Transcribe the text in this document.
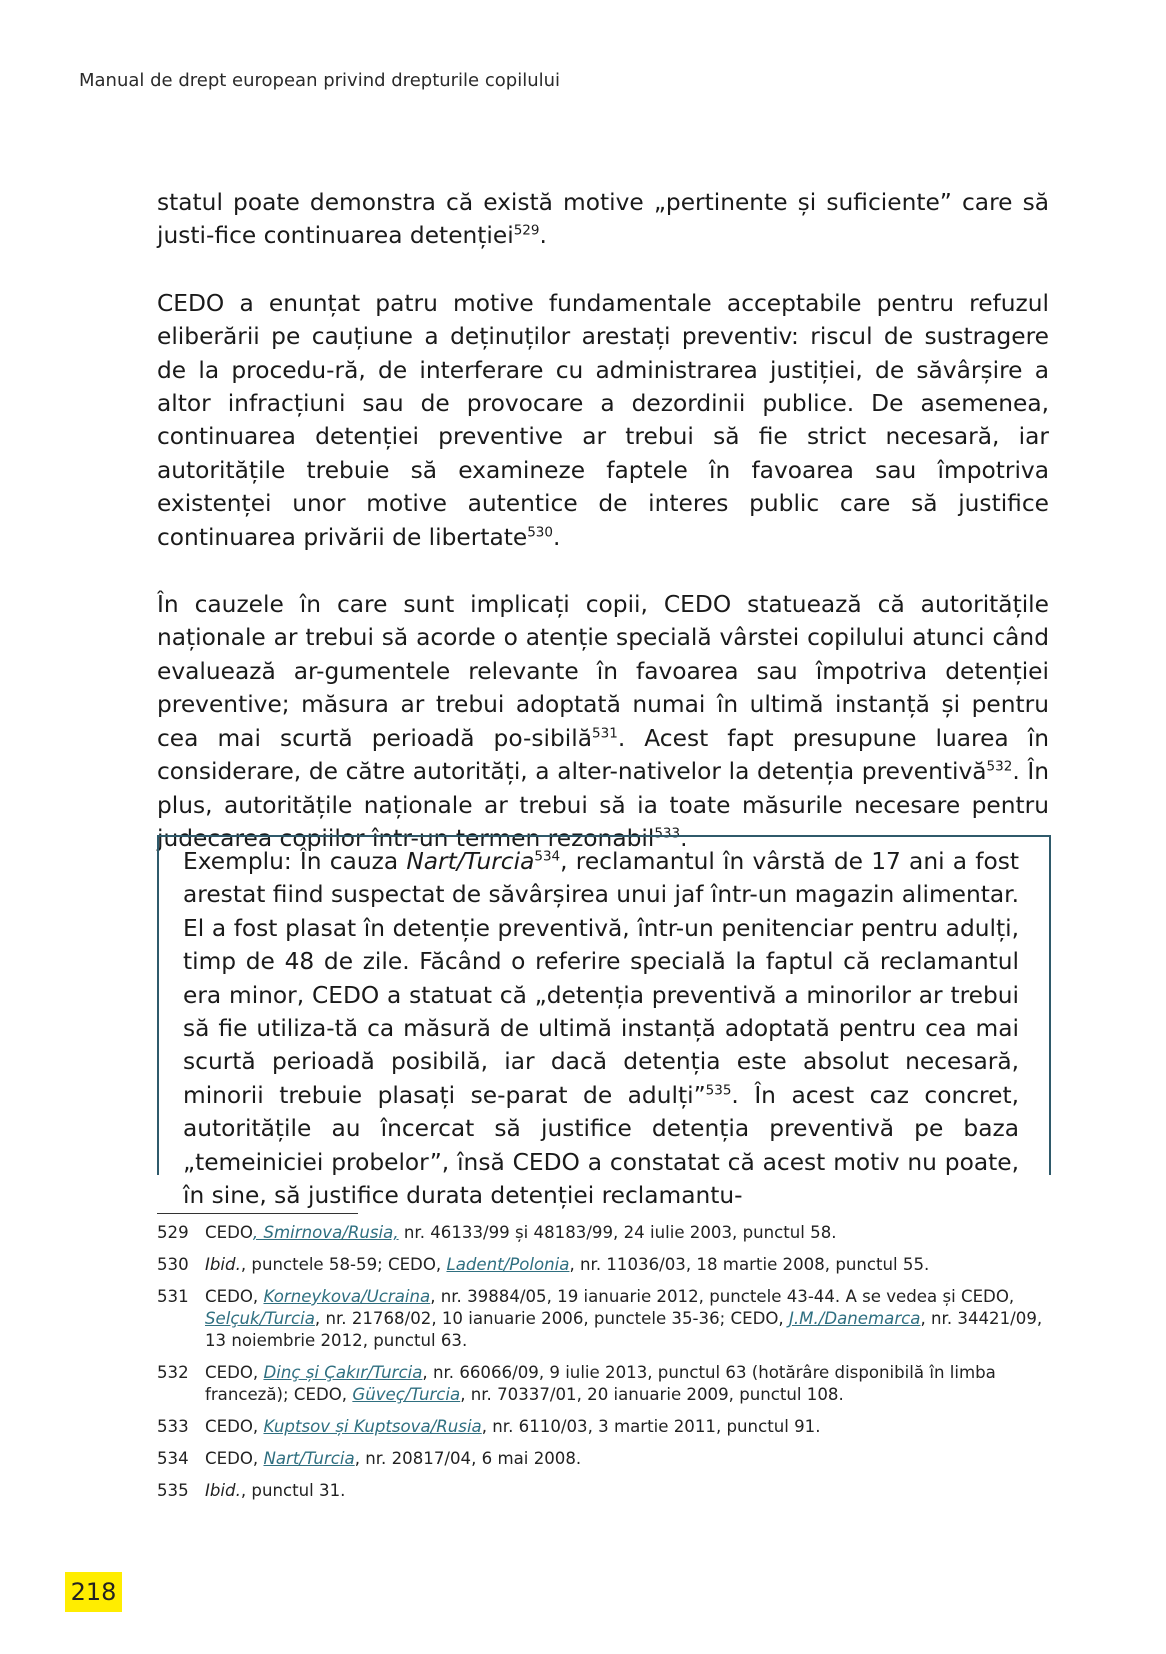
Manual de drept european privind drepturile copilului

statul poate demonstra că există motive „pertinente și suficiente” care să justi-fice continuarea detenției$^{529}$.

CEDO a enunțat patru motive fundamentale acceptabile pentru refuzul eliberării pe cauțiune a deținuților arestați preventiv: riscul de sustragere de la procedu-ră, de interferare cu administrarea justiției, de săvârșire a altor infracțiuni sau de provocare a dezordinii publice. De asemenea, continuarea detenției preventive ar trebui să fie strict necesară, iar autoritățile trebuie să examineze faptele în favoarea sau împotriva existenței unor motive autentice de interes public care să justifice continuarea privării de libertate$^{530}$.

În cauzele în care sunt implicați copii, CEDO statuează că autoritățile naționale ar trebui să acorde o atenție specială vârstei copilului atunci când evaluează ar-gumentele relevante în favoarea sau împotriva detenției preventive; măsura ar trebui adoptată numai în ultimă instanță și pentru cea mai scurtă perioadă po-sibilă$^{531}$. Acest fapt presupune luarea în considerare, de către autorități, a alter-nativelor la detenția preventivă$^{532}$. În plus, autoritățile naționale ar trebui să ia toate măsurile necesare pentru judecarea copiilor într-un termen rezonabil$^{533}$.

Exemplu: În cauza Nart/Turcia$^{534}$, reclamantul în vârstă de 17 ani a fost arestat fiind suspectat de săvârșirea unui jaf într-un magazin alimentar. El a fost plasat în detenție preventivă, într-un penitenciar pentru adulți, timp de 48 de zile. Făcând o referire specială la faptul că reclamantul era minor, CEDO a statuat că „detenția preventivă a minorilor ar trebui să fie utiliza-tă ca măsură de ultimă instanță adoptată pentru cea mai scurtă perioadă posibilă, iar dacă detenția este absolut necesară, minorii trebuie plasați se-parat de adulți”$^{535}$. În acest caz concret, autoritățile au încercat să justifice detenția preventivă pe baza „temeiniciei probelor”, însă CEDO a constatat că acest motiv nu poate, în sine, să justifice durata detenției reclamantu-

529 CEDO, Smirnova/Rusia, nr. 46133/99 și 48183/99, 24 iulie 2003, punctul 58.
530 Ibid., punctele 58-59; CEDO, Ladent/Polonia, nr. 11036/03, 18 martie 2008, punctul 55.
531 CEDO, Korneykova/Ucraina, nr. 39884/05, 19 ianuarie 2012, punctele 43-44. A se vedea și CEDO, Selçuk/Turcia, nr. 21768/02, 10 ianuarie 2006, punctele 35-36; CEDO, J.M./Danemarca, nr. 34421/09, 13 noiembrie 2012, punctul 63.
532 CEDO, Dinç și Çakır/Turcia, nr. 66066/09, 9 iulie 2013, punctul 63 (hotărâre disponibilă în limba franceză); CEDO, Güveç/Turcia, nr. 70337/01, 20 ianuarie 2009, punctul 108.
533 CEDO, Kuptsov și Kuptsova/Rusia, nr. 6110/03, 3 martie 2011, punctul 91.
534 CEDO, Nart/Turcia, nr. 20817/04, 6 mai 2008.
535 Ibid., punctul 31.
218
